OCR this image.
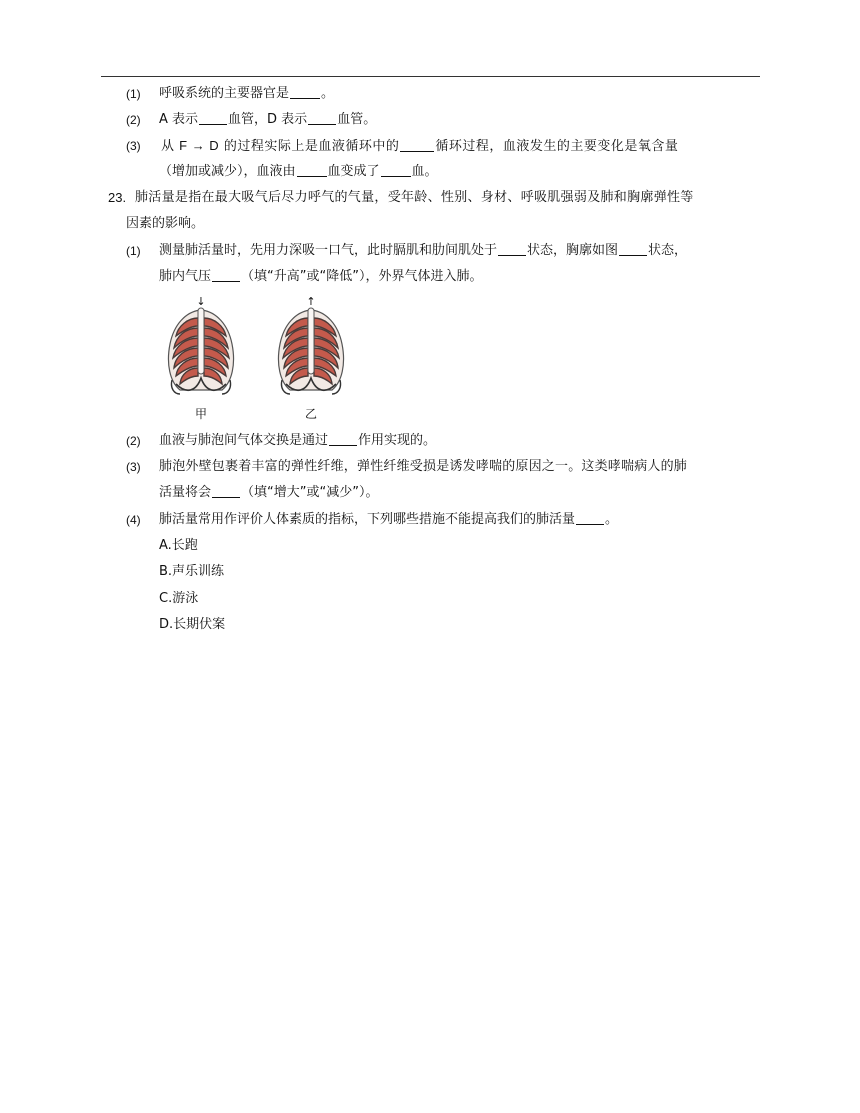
(1) 呼吸系统的主要器官是 。
(2) A 表示 血管，D 表示 血管。
(3) 从 F → D 的过程实际上是血液循环中的	循环过程，血液发生的主要变化是氧含量
（增加或减少），血液由 血变成了 血。
23. 肺活量是指在最大吸气后尽力呼气的气量，受年龄、性别、身材、呼吸肌强弱及肺和胸廓弹性等
因素的影响。
(1) 测量肺活量时，先用力深吸一口气，此时膈肌和肋间肌处于 状态，胸廓如图 状态，
肺内气压 （填“升高”或“降低”），外界气体进入肺。
↓	↑
甲	乙
(2) 血液与肺泡间气体交换是通过 作用实现的。
(3) 肺泡外壁包裹着丰富的弹性纤维，弹性纤维受损是诱发哮喘的原因之一。这类哮喘病人的肺
活量将会 （填“增大”或“减少”）。
(4) 肺活量常用作评价人体素质的指标，下列哪些措施不能提高我们的肺活量 。
A.长跑
B.声乐训练
C.游泳
D.长期伏案
